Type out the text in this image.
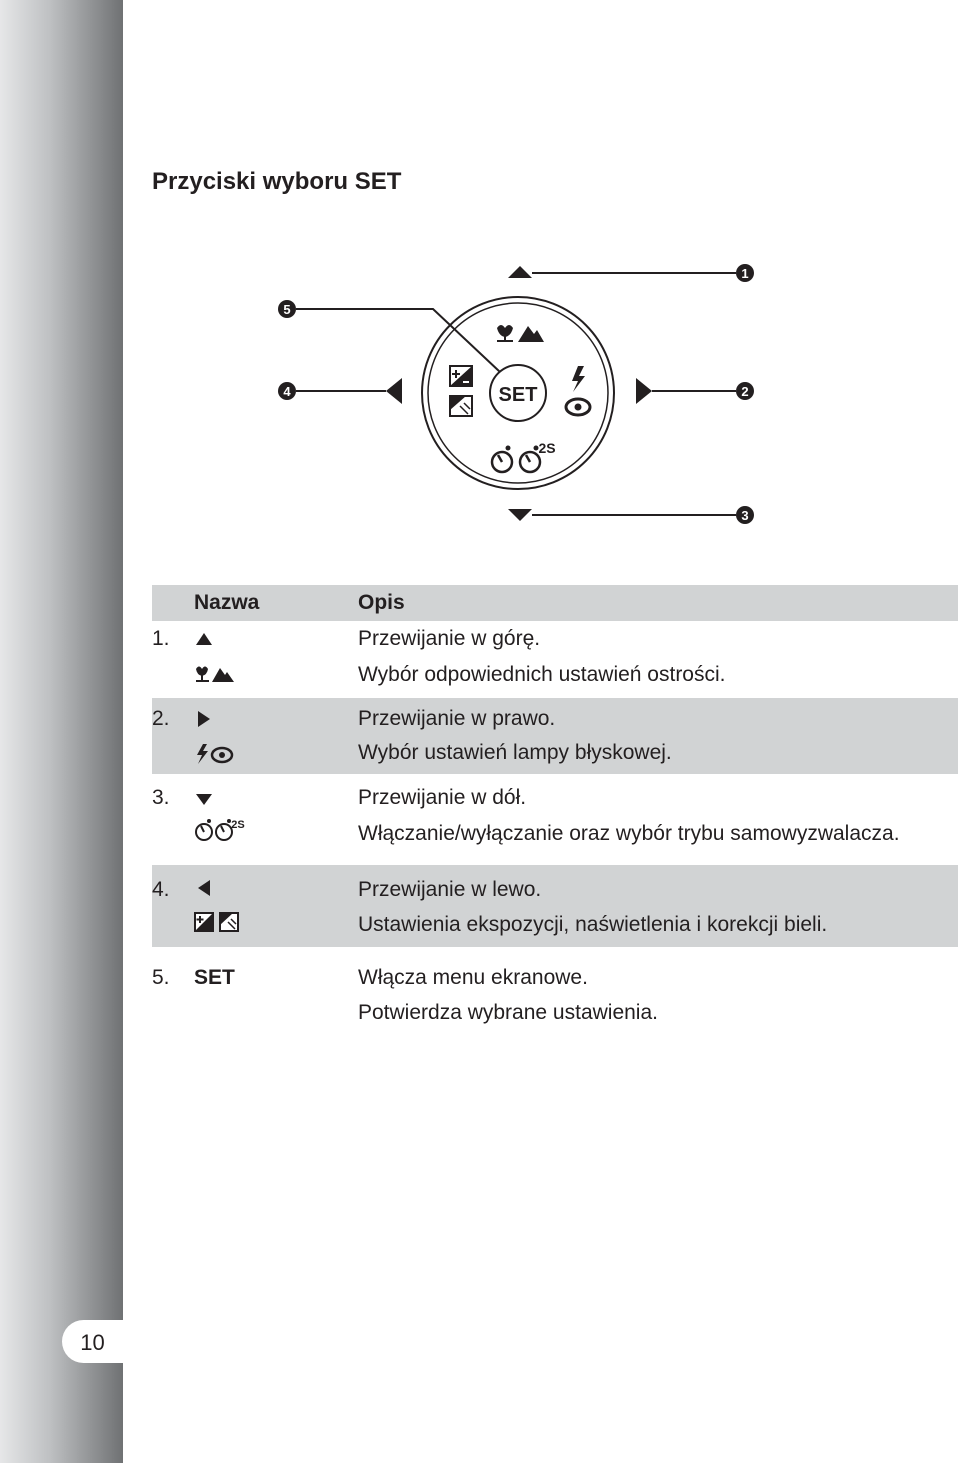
10
Przyciski wyboru SET
SET
2S
1
2
3
4
5
Nazwa	Opis
1.	Przewijanie w górę.
Wybór odpowiednich ustawień ostrości.
2.	Przewijanie w prawo.
Wybór ustawień lampy błyskowej.
3.	Przewijanie w dół.
2S	Włączanie/wyłączanie oraz wybór trybu samowyzwalacza.
4.	Przewijanie w lewo.
Ustawienia ekspozycji, naświetlenia i korekcji bieli.
5. SET	Włącza menu ekranowe.
Potwierdza wybrane ustawienia.
